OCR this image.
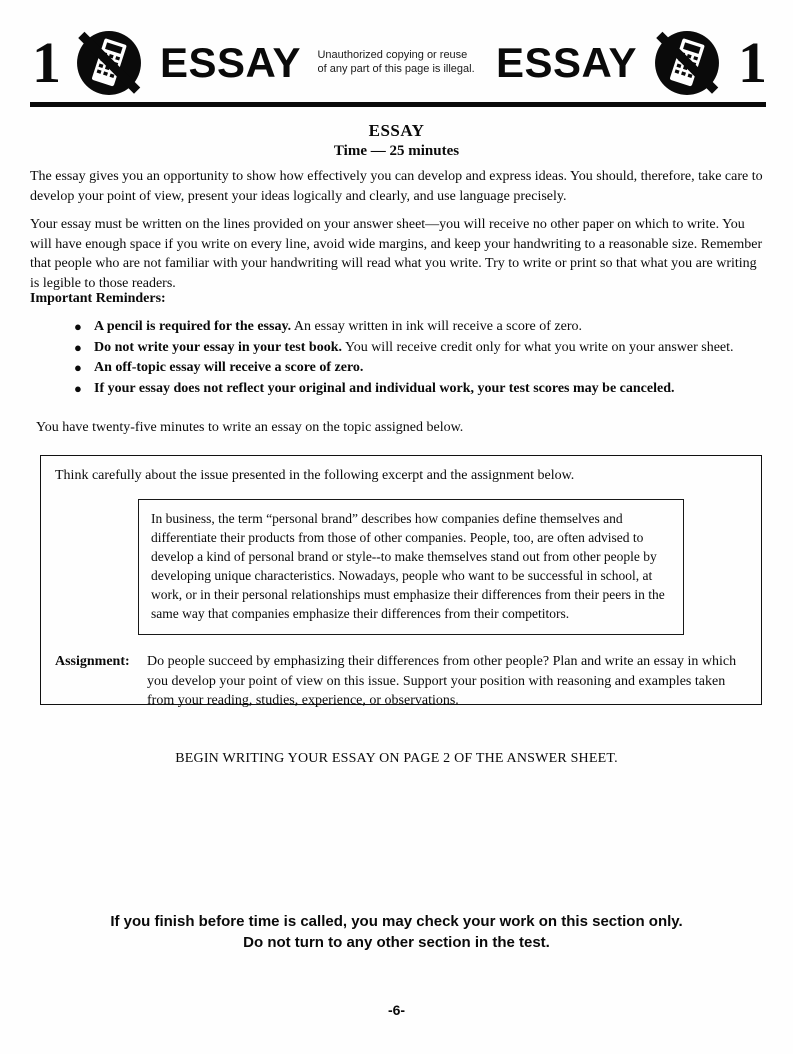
1 ESSAY Unauthorized copying or reuse of any part of this page is illegal. ESSAY 1
ESSAY
Time — 25 minutes
The essay gives you an opportunity to show how effectively you can develop and express ideas. You should, therefore, take care to develop your point of view, present your ideas logically and clearly, and use language precisely.
Your essay must be written on the lines provided on your answer sheet—you will receive no other paper on which to write. You will have enough space if you write on every line, avoid wide margins, and keep your handwriting to a reasonable size. Remember that people who are not familiar with your handwriting will read what you write. Try to write or print so that what you are writing is legible to those readers.
Important Reminders:
● A pencil is required for the essay. An essay written in ink will receive a score of zero.
● Do not write your essay in your test book. You will receive credit only for what you write on your answer sheet.
● An off-topic essay will receive a score of zero.
● If your essay does not reflect your original and individual work, your test scores may be canceled.
You have twenty-five minutes to write an essay on the topic assigned below.
Think carefully about the issue presented in the following excerpt and the assignment below.
In business, the term “personal brand” describes how companies define themselves and differentiate their products from those of other companies. People, too, are often advised to develop a kind of personal brand or style--to make themselves stand out from other people by developing unique characteristics. Nowadays, people who want to be successful in school, at work, or in their personal relationships must emphasize their differences from their peers in the same way that companies emphasize their differences from their competitors.
Assignment:	Do people succeed by emphasizing their differences from other people? Plan and write an essay in which you develop your point of view on this issue. Support your position with reasoning and examples taken from your reading, studies, experience, or observations.
BEGIN WRITING YOUR ESSAY ON PAGE 2 OF THE ANSWER SHEET.
If you finish before time is called, you may check your work on this section only.
Do not turn to any other section in the test.
-6-
